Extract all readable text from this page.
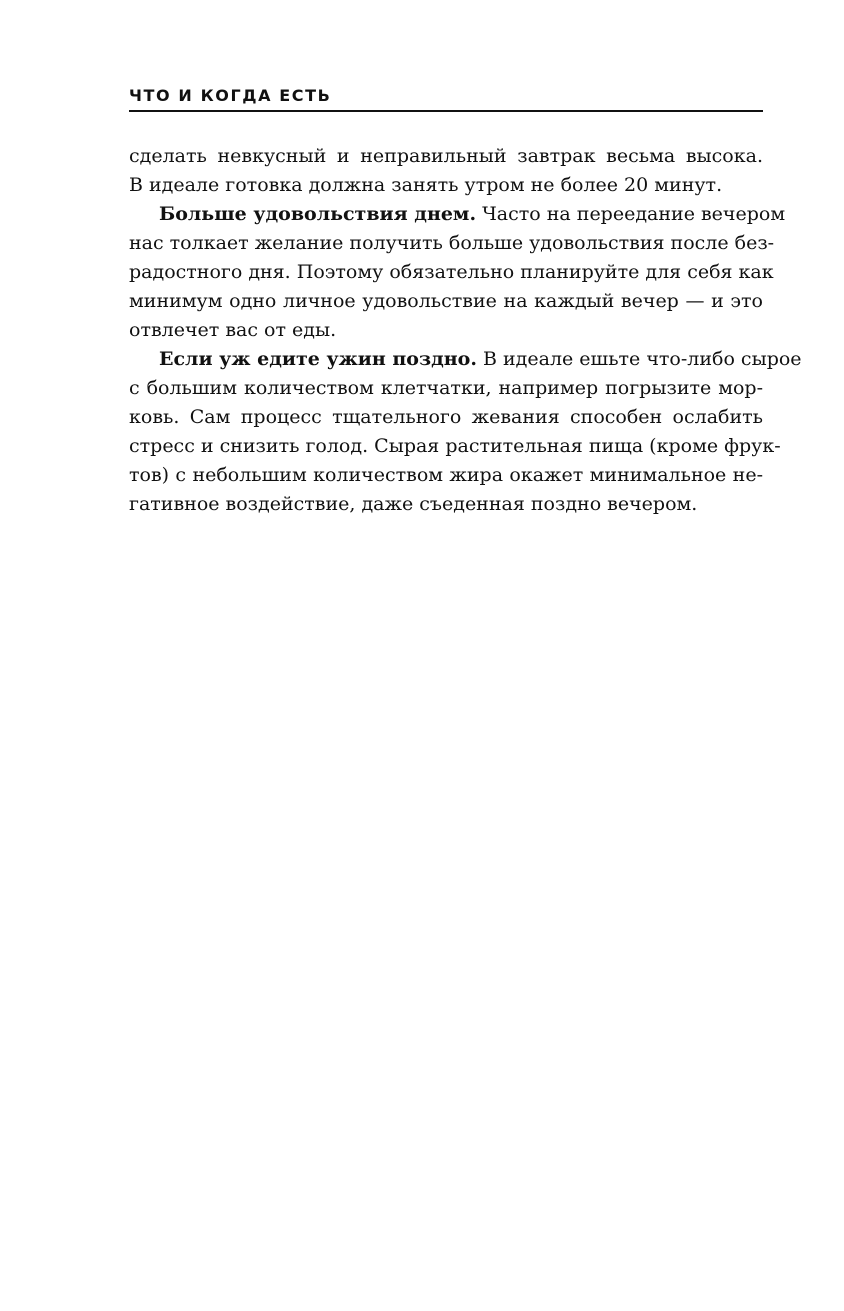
ЧТО И КОГДА ЕСТЬ

сделать невкусный и неправильный завтрак весьма высока.
В идеале готовка должна занять утром не более 20 минут.

Больше удовольствия днем. Часто на переедание вечером
нас толкает желание получить больше удовольствия после без-
радостного дня. Поэтому обязательно планируйте для себя как
минимум одно личное удовольствие на каждый вечер — и это
отвлечет вас от еды.

Если уж едите ужин поздно. В идеале ешьте что-либо сырое
с большим количеством клетчатки, например погрызите мор-
ковь. Сам процесс тщательного жевания способен ослабить
стресс и снизить голод. Сырая растительная пища (кроме фрук-
тов) с небольшим количеством жира окажет минимальное не-
гативное воздействие, даже съеденная поздно вечером.
